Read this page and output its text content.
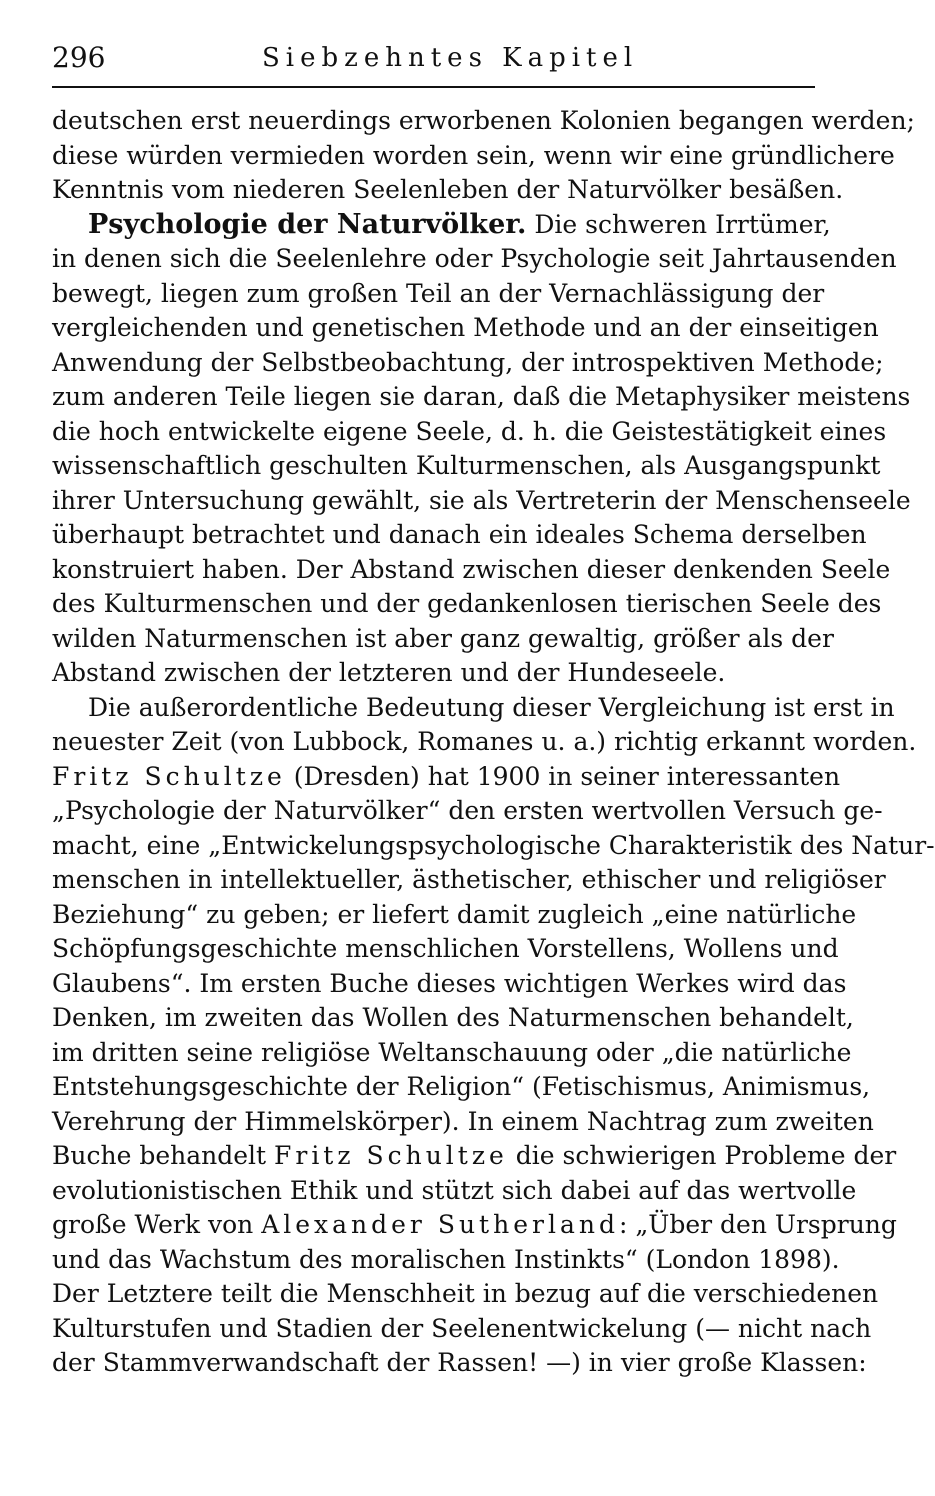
296	Siebzehntes Kapitel
deutschen erst neuerdings erworbenen Kolonien begangen werden;
diese würden vermieden worden sein, wenn wir eine gründlichere
Kenntnis vom niederen Seelenleben der Naturvölker besäßen.
Psychologie der Naturvölker. Die schweren Irrtümer,
in denen sich die Seelenlehre oder Psychologie seit Jahrtausenden
bewegt, liegen zum großen Teil an der Vernachlässigung der
vergleichenden und genetischen Methode und an der einseitigen
Anwendung der Selbstbeobachtung, der introspektiven Methode;
zum anderen Teile liegen sie daran, daß die Metaphysiker meistens
die hoch entwickelte eigene Seele, d. h. die Geistestätigkeit eines
wissenschaftlich geschulten Kulturmenschen, als Ausgangspunkt
ihrer Untersuchung gewählt, sie als Vertreterin der Menschenseele
überhaupt betrachtet und danach ein ideales Schema derselben
konstruiert haben. Der Abstand zwischen dieser denkenden Seele
des Kulturmenschen und der gedankenlosen tierischen Seele des
wilden Naturmenschen ist aber ganz gewaltig, größer als der
Abstand zwischen der letzteren und der Hundeseele.
Die außerordentliche Bedeutung dieser Vergleichung ist erst in
neuester Zeit (von Lubbock, Romanes u. a.) richtig erkannt worden.
Fritz Schultze (Dresden) hat 1900 in seiner interessanten
„Psychologie der Naturvölker“ den ersten wertvollen Versuch ge-
macht, eine „Entwickelungspsychologische Charakteristik des Natur-
menschen in intellektueller, ästhetischer, ethischer und religiöser
Beziehung“ zu geben; er liefert damit zugleich „eine natürliche
Schöpfungsgeschichte menschlichen Vorstellens, Wollens und
Glaubens“. Im ersten Buche dieses wichtigen Werkes wird das
Denken, im zweiten das Wollen des Naturmenschen behandelt,
im dritten seine religiöse Weltanschauung oder „die natürliche
Entstehungsgeschichte der Religion“ (Fetischismus, Animismus,
Verehrung der Himmelskörper). In einem Nachtrag zum zweiten
Buche behandelt Fritz Schultze die schwierigen Probleme der
evolutionistischen Ethik und stützt sich dabei auf das wertvolle
große Werk von Alexander Sutherland: „Über den Ursprung
und das Wachstum des moralischen Instinkts“ (London 1898).
Der Letztere teilt die Menschheit in bezug auf die verschiedenen
Kulturstufen und Stadien der Seelenentwickelung (— nicht nach
der Stammverwandschaft der Rassen! —) in vier große Klassen:
